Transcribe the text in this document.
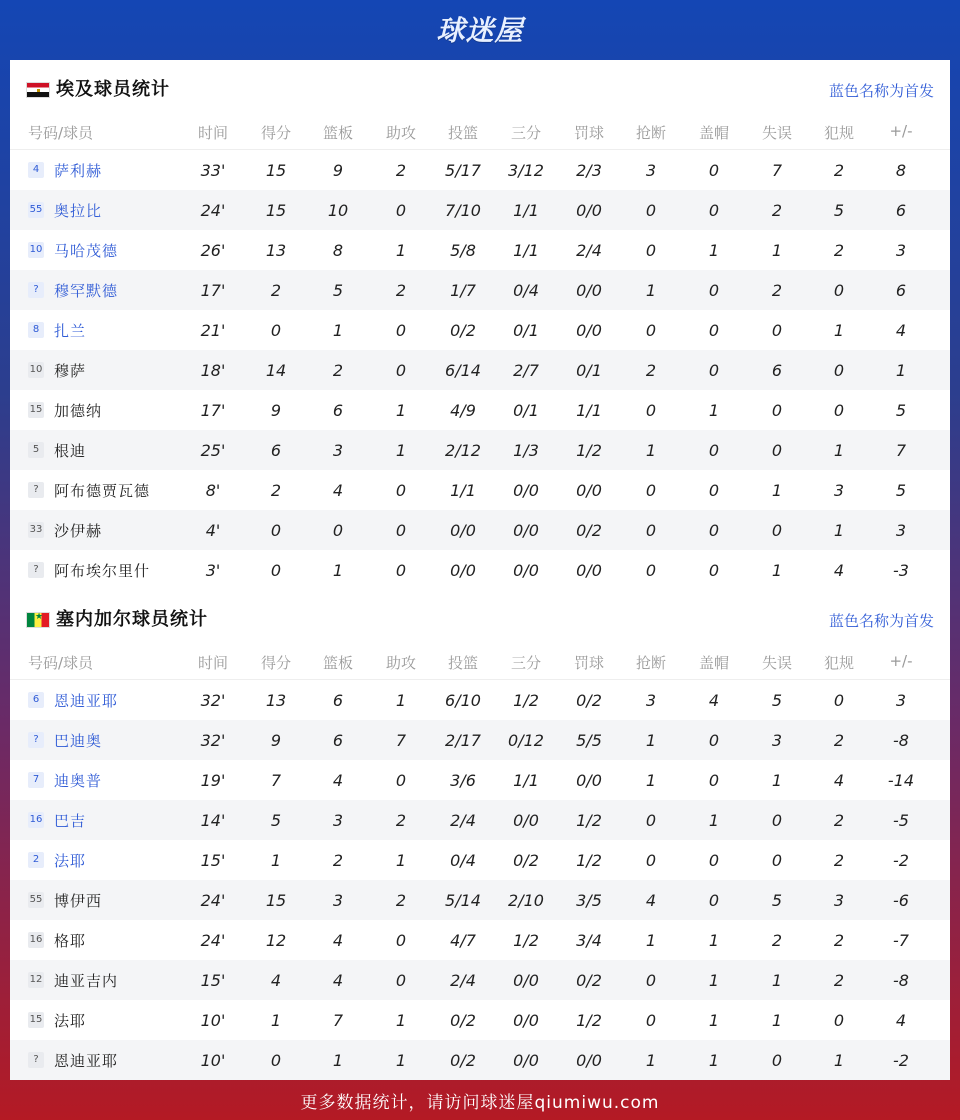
球迷屋
埃及球员统计	蓝色名称为首发
号码/球员	时间	得分	篮板	助攻	投篮	三分	罚球	抢断	盖帽	失误	犯规	+/-
4 萨利赫	33'	15	9	2	5/17	3/12	2/3	3	0	7	2	8
55 奥拉比	24'	15	10	0	7/10	1/1	0/0	0	0	2	5	6
10 马哈茂德	26'	13	8	1	5/8	1/1	2/4	0	1	1	2	3
?	穆罕默德	17'	2	5	2	1/7	0/4	0/0	1	0	2	0	6
8 扎兰	21'	0	1	0	0/2	0/1	0/0	0	0	0	1	4
10 穆萨	18'	14	2	0	6/14	2/7	0/1	2	0	6	0	1
15 加德纳	17'	9	6	1	4/9	0/1	1/1	0	1	0	0	5
5 根迪	25'	6	3	1	2/12	1/3	1/2	1	0	0	1	7
?	阿布德贾瓦德	8'	2	4	0	1/1	0/0	0/0	0	0	1	3	5
33 沙伊赫	4'	0	0	0	0/0	0/0	0/2	0	0	0	1	3
?	阿布埃尔里什	3'	0	1	0	0/0	0/0	0/0	0	0	1	4	-3
★
塞内加尔球员统计	蓝色名称为首发
号码/球员	时间	得分	篮板	助攻	投篮	三分	罚球	抢断	盖帽	失误	犯规	+/-
6 恩迪亚耶	32'	13	6	1	6/10	1/2	0/2	3	4	5	0	3
?	巴迪奥	32'	9	6	7	2/17	0/12	5/5	1	0	3	2	-8
7 迪奥普	19'	7	4	0	3/6	1/1	0/0	1	0	1	4	-14
16 巴吉	14'	5	3	2	2/4	0/0	1/2	0	1	0	2	-5
2 法耶	15'	1	2	1	0/4	0/2	1/2	0	0	0	2	-2
55 博伊西	24'	15	3	2	5/14	2/10	3/5	4	0	5	3	-6
16 格耶	24'	12	4	0	4/7	1/2	3/4	1	1	2	2	-7
12 迪亚吉内	15'	4	4	0	2/4	0/0	0/2	0	1	1	2	-8
15 法耶	10'	1	7	1	0/2	0/0	1/2	0	1	1	0	4
?	恩迪亚耶	10'	0	1	1	0/2	0/0	0/0	1	1	0	1	-2
更多数据统计，请访问球迷屋qiumiwu.com
